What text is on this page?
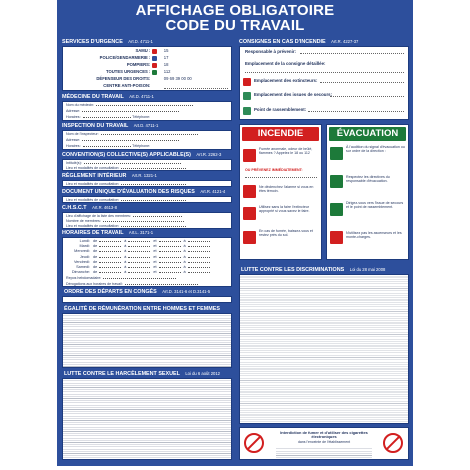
AFFICHAGE OBLIGATOIRE
CODE DU TRAVAIL
SERVICES D'URGENCE Art.D. 4711-1
SAMU :	15
POLICE/GENDARMERIE :	17
POMPIERS:	18
TOUTES URGENCES :	112
DÉFENSEUR DES DROITS:	09 69 39 00 00
CENTRE ANTI-POISON:
MÉDECINE DU TRAVAIL Art.D. 4711-1
Nom du médecin:
Adresse:
Horaires:	Téléphone:
INSPECTION DU TRAVAIL Art.D. 4711-1
Nom de l'inspecteur:
Adresse:
Horaires:	Téléphone:
CONVENTION(S) COLLECTIVE(S) APPLICABLE(S) Art.R. 2262-3
Intitulé(s):
Lieu et modalités de consultation:
RÈGLEMENT INTÉRIEUR Art.R. 1321-1
Lieu et modalités de consultation:
DOCUMENT UNIQUE D'ÉVALUATION DES RISQUES Art.R. 4121-4
Lieu et modalités de consultation:
C.H.S.C.T Art.R. 4613-8
Lieu d'affichage de la liste des membres:
Nombre de membres:
Lieu et modalités de consultation:
HORAIRES DE TRAVAIL Art.L. 3171-1
Lundi: de	à	et	à
Mardi: de	à	et	à
Mercredi: de	à	et	à
Jeudi: de	à	et	à
Vendredi: de	à	et	à
Samedi: de	à	et	à
Dimanche: de	à	et	à
Repos hebdomadaire:
Dérogations aux horaires de travail:
ORDRE DES DÉPARTS EN CONGÉS Art.D. 3141-6 et D.3141-5
ÉGALITÉ DE RÉMUNÉRATION ENTRE HOMMES ET FEMMES
LUTTE CONTRE LE HARCÈLEMENT SEXUEL Loi du 6 août 2012
CONSIGNES EN CAS D'INCENDIE Art.R. 4227-37
Responsable à prévenir:
Emplacement de la consigne détaillée:
Emplacement des extincteurs:
Emplacement des issues de secours:
Point de rassemblement:
INCENDIE
Fumée anormale, odeur de brûlé, flammes ? Appelez le 18 ou 112
OU PRÉVENEZ IMMÉDIATEMENT:
Ne déclenchez l'alarme si vous en êtes témoin.
Utilisez sans la faire l'extincteur approprié si vous savez le faire.
En cas de fumée, baissez-vous et restez près du sol.
ÉVACUATION
À l'audition du signal d'évacuation ou sur ordre de la direction :
Respectez les directives du responsable d'évacuation.
Dirigez-vous vers l'issue de secours et le point de rassemblement.
N'utilisez pas les ascenseurs et les monte-charges.
LUTTE CONTRE LES DISCRIMINATIONS Loi du 28 mai 2008
Interdiction de fumer et d'utiliser des cigarettes électroniques
dans l'enceinte de l'établissement
